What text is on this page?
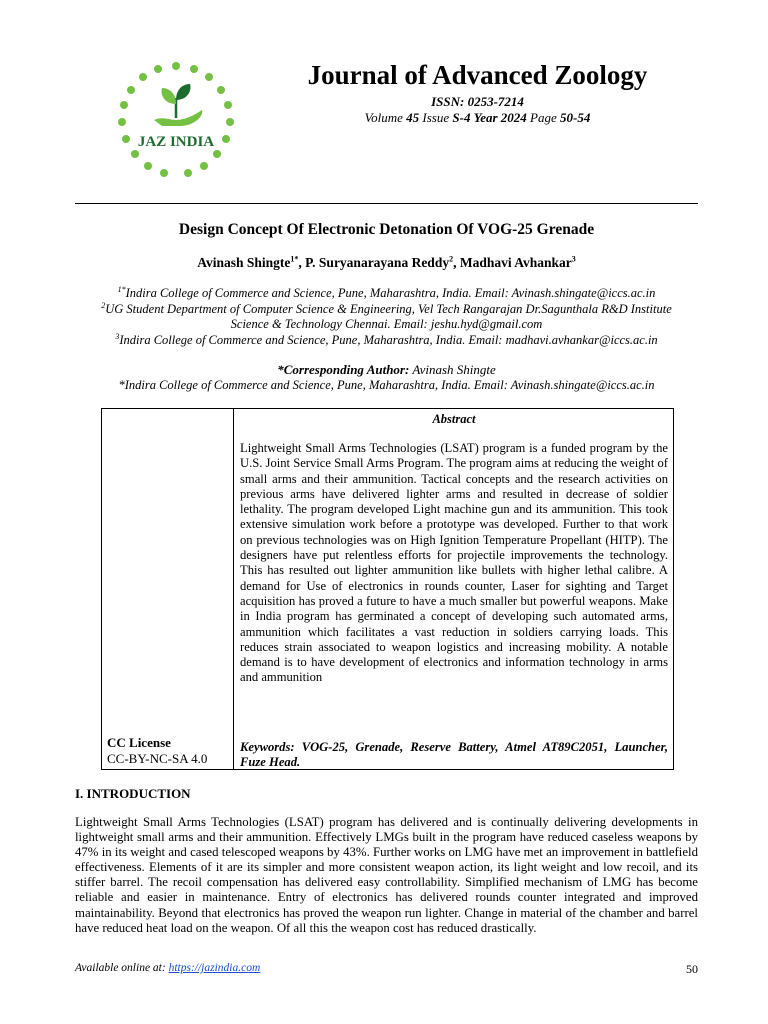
JAZ INDIA
Journal of Advanced Zoology
ISSN: 0253-7214
Volume 45 Issue S-4 Year 2024 Page 50-54
Design Concept Of Electronic Detonation Of VOG-25 Grenade
Avinash Shingte$^{1*}$, P. Suryanarayana Reddy$^2$, Madhavi Avhankar$^3$
$^{1*}$Indira College of Commerce and Science, Pune, Maharashtra, India. Email: Avinash.shingate@iccs.ac.in
$^2$UG Student Department of Computer Science & Engineering, Vel Tech Rangarajan Dr.Sagunthala R&D Institute Science & Technology Chennai. Email: jeshu.hyd@gmail.com
$^3$Indira College of Commerce and Science, Pune, Maharashtra, India. Email: madhavi.avhankar@iccs.ac.in
*Corresponding Author: Avinash Shingte
*Indira College of Commerce and Science, Pune, Maharashtra, India. Email: Avinash.shingate@iccs.ac.in
Abstract
Lightweight Small Arms Technologies (LSAT) program is a funded program by the U.S. Joint Service Small Arms Program. The program aims at reducing the weight of small arms and their ammunition. Tactical concepts and the research activities on previous arms have delivered lighter arms and resulted in decrease of soldier lethality. The program developed Light machine gun and its ammunition. This took extensive simulation work before a prototype was developed. Further to that work on previous technologies was on High Ignition Temperature Propellant (HITP). The designers have put relentless efforts for projectile improvements the technology. This has resulted out lighter ammunition like bullets with higher lethal calibre. A demand for Use of electronics in rounds counter, Laser for sighting and Target acquisition has proved a future to have a much smaller but powerful weapons. Make in India program has germinated a concept of developing such automated arms, ammunition which facilitates a vast reduction in soldiers carrying loads. This reduces strain associated to weapon logistics and increasing mobility. A notable demand is to have development of electronics and information technology in arms and ammunition
Keywords: VOG-25, Grenade, Reserve Battery, Atmel AT89C2051, Launcher, Fuze Head.
CC License
CC-BY-NC-SA 4.0
I. INTRODUCTION
Lightweight Small Arms Technologies (LSAT) program has delivered and is continually delivering developments in lightweight small arms and their ammunition. Effectively LMGs built in the program have reduced caseless weapons by 47% in its weight and cased telescoped weapons by 43%. Further works on LMG have met an improvement in battlefield effectiveness. Elements of it are its simpler and more consistent weapon action, its light weight and low recoil, and its stiffer barrel. The recoil compensation has delivered easy controllability. Simplified mechanism of LMG has become reliable and easier in maintenance. Entry of electronics has delivered rounds counter integrated and improved maintainability. Beyond that electronics has proved the weapon run lighter. Change in material of the chamber and barrel have reduced heat load on the weapon. Of all this the weapon cost has reduced drastically.
Available online at: https://jazindia.com	50
